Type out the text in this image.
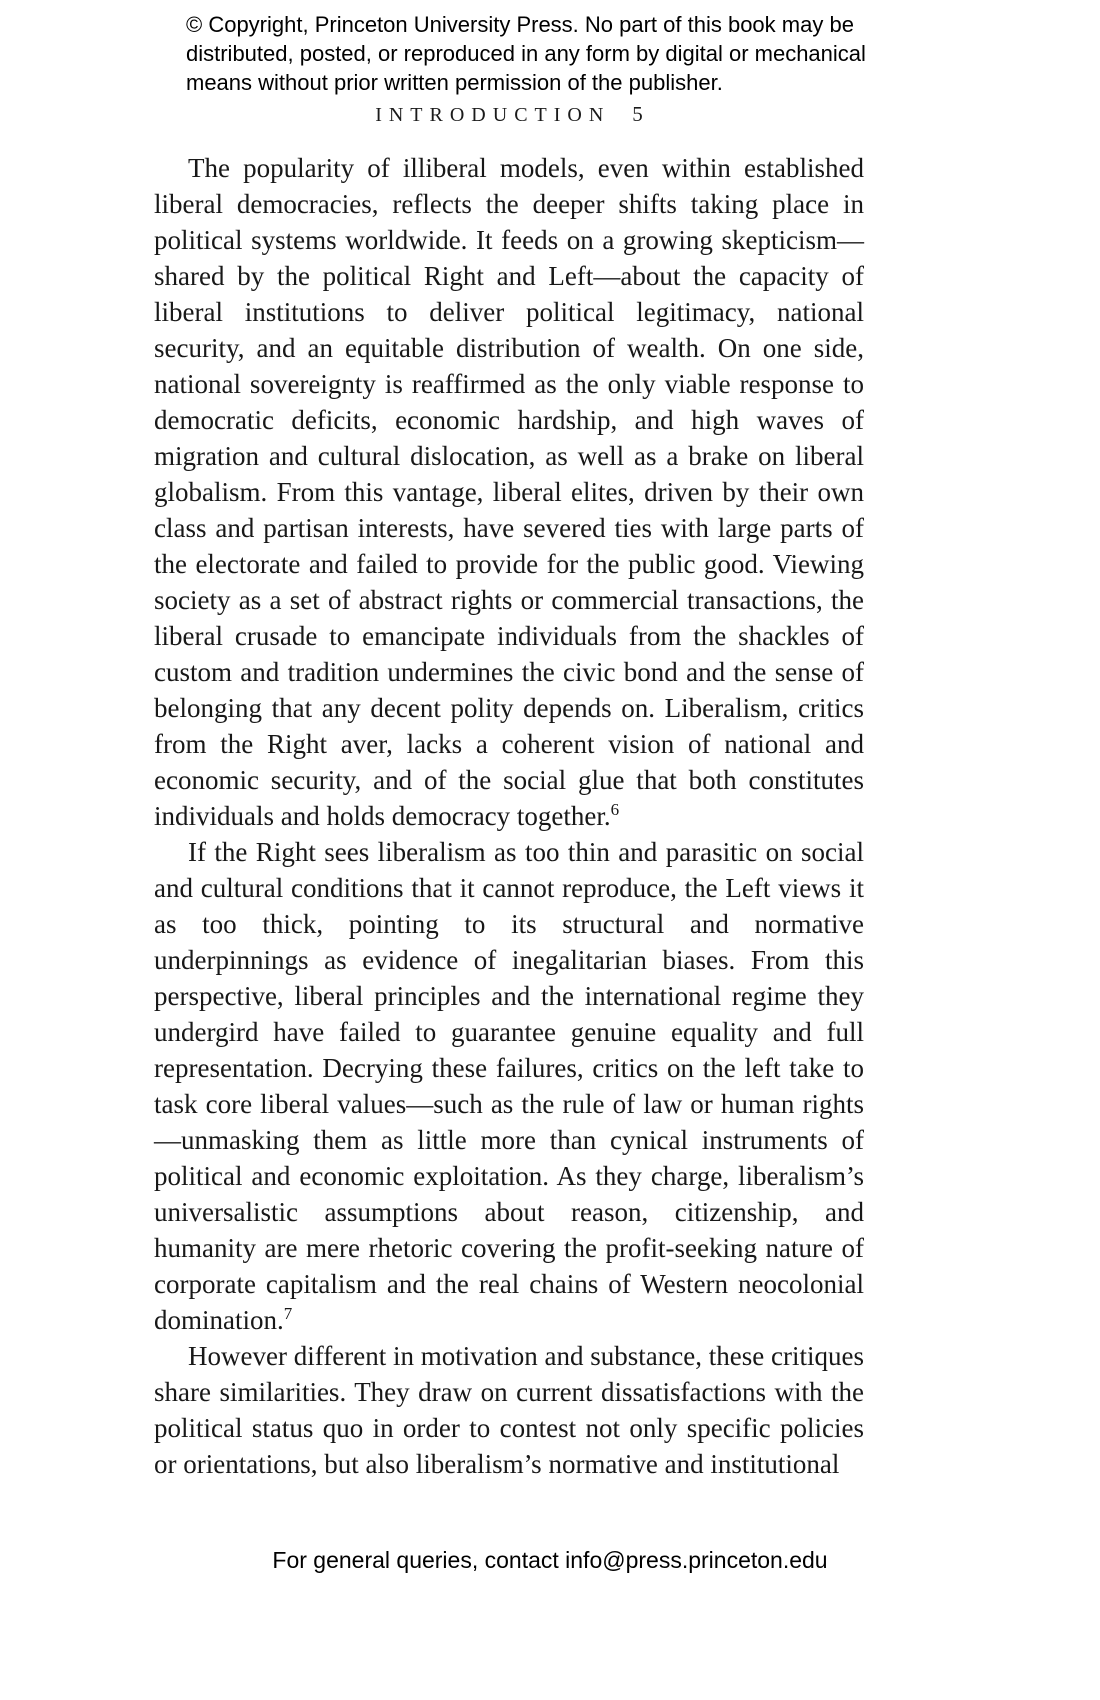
© Copyright, Princeton University Press. No part of this book may be
distributed, posted, or reproduced in any form by digital or mechanical
means without prior written permission of the publisher.
INTRODUCTION 5

The popularity of illiberal models, even within established liberal democracies, reflects the deeper shifts taking place in political systems worldwide. It feeds on a growing skepticism—shared by the political Right and Left—about the capacity of liberal institutions to deliver political legitimacy, national security, and an equitable distribution of wealth. On one side, national sovereignty is reaffirmed as the only viable response to democratic deficits, economic hardship, and high waves of migration and cultural dislocation, as well as a brake on liberal globalism. From this vantage, liberal elites, driven by their own class and partisan interests, have severed ties with large parts of the electorate and failed to provide for the public good. Viewing society as a set of abstract rights or commercial transactions, the liberal crusade to emancipate individuals from the shackles of custom and tradition undermines the civic bond and the sense of belonging that any decent polity depends on. Liberalism, critics from the Right aver, lacks a coherent vision of national and economic security, and of the social glue that both constitutes individuals and holds democracy together.$^6$

If the Right sees liberalism as too thin and parasitic on social and cultural conditions that it cannot reproduce, the Left views it as too thick, pointing to its structural and normative underpinnings as evidence of inegalitarian biases. From this perspective, liberal principles and the international regime they undergird have failed to guarantee genuine equality and full representation. Decrying these failures, critics on the left take to task core liberal values—such as the rule of law or human rights—unmasking them as little more than cynical instruments of political and economic exploitation. As they charge, liberalism’s universalistic assumptions about reason, citizenship, and humanity are mere rhetoric covering the profit-seeking nature of corporate capitalism and the real chains of Western neocolonial domination.$^7$

However different in motivation and substance, these critiques share similarities. They draw on current dissatisfactions with the political status quo in order to contest not only specific policies or orientations, but also liberalism’s normative and institutional

For general queries, contact info@press.princeton.edu
